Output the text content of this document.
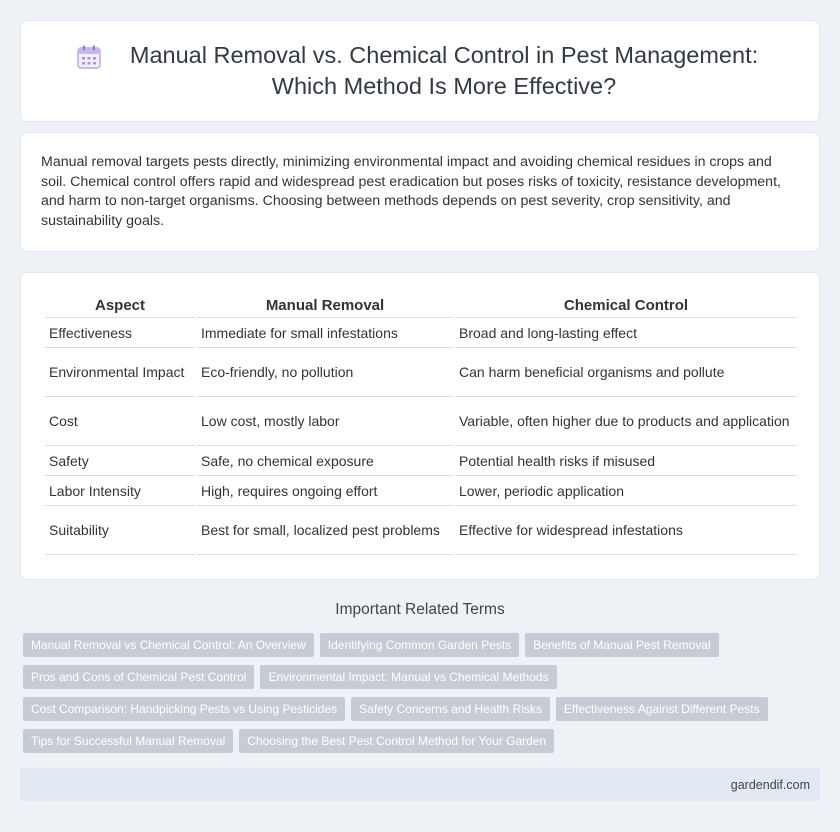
Manual Removal vs. Chemical Control in Pest Management: Which Method Is More Effective?

Manual removal targets pests directly, minimizing environmental impact and avoiding chemical residues in crops and soil. Chemical control offers rapid and widespread pest eradication but poses risks of toxicity, resistance development, and harm to non-target organisms. Choosing between methods depends on pest severity, crop sensitivity, and sustainability goals.

Aspect	Manual Removal	Chemical Control
Effectiveness	Immediate for small infestations	Broad and long-lasting effect
Environmental Impact	Eco-friendly, no pollution	Can harm beneficial organisms and pollute
Cost	Low cost, mostly labor	Variable, often higher due to products and application
Safety	Safe, no chemical exposure	Potential health risks if misused
Labor Intensity	High, requires ongoing effort	Lower, periodic application
Suitability	Best for small, localized pest problems	Effective for widespread infestations
Important Related Terms
Manual Removal vs Chemical Control: An Overview	Identifying Common Garden Pests	Benefits of Manual Pest Removal
Pros and Cons of Chemical Pest Control	Environmental Impact: Manual vs Chemical Methods
Cost Comparison: Handpicking Pests vs Using Pesticides	Safety Concerns and Health Risks	Effectiveness Against Different Pests
Tips for Successful Manual Removal	Choosing the Best Pest Control Method for Your Garden
gardendif.com
